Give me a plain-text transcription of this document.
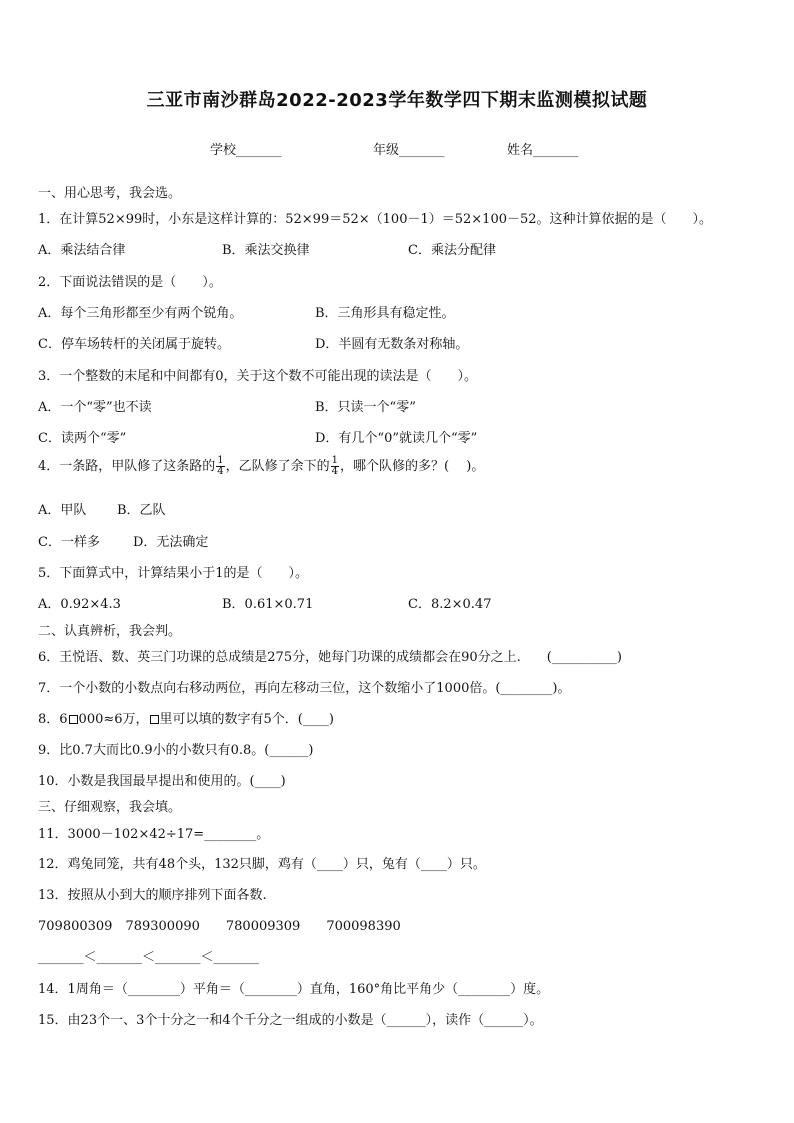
三亚市南沙群岛2022-2023学年数学四下期末监测模拟试题
学校_______	年级_______	姓名_______
一、用心思考，我会选。
1．在计算52×99时，小东是这样计算的：52×99＝52×（100－1）＝52×100－52。这种计算依据的是（　　）。
A．乘法结合律	B．乘法交换律	C．乘法分配律
2．下面说法错误的是（　　）。
A．每个三角形都至少有两个锐角。	B．三角形具有稳定性。
C．停车场转杆的关闭属于旋转。	D．半圆有无数条对称轴。
3．一个整数的末尾和中间都有0，关于这个数不可能出现的读法是（　　）。
A．一个“零”也不读	B．只读一个“零”
C．读两个“零”	D．有几个“0”就读几个“零”
4．一条路，甲队修了这条路的 $\frac{1}{4}$ ，乙队修了余下的 $\frac{1}{4}$ ，哪个队修的多？(　 )。
A．甲队 B．乙队
C．一样多	D．无法确定
5．下面算式中，计算结果小于1的是（　　）。
A．0.92×4.3	B．0.61×0.71	C．8.2×0.47
二、认真辨析，我会判。
6．王悦语、数、英三门功课的总成绩是275分，她每门功课的成绩都会在90分之上.　　(__________)
7．一个小数的小数点向右移动两位，再向左移动三位，这个数缩小了1000倍。(________)。
8．6 000≈6万， 里可以填的数字有5个．(____)
9．比0.7大而比0.9小的小数只有0.8。(______)
10．小数是我国最早提出和使用的。(____)
三、仔细观察，我会填。
11．3000－102×42÷17=________。
12．鸡兔同笼，共有48个头，132只脚，鸡有（____）只，兔有（____）只。
13．按照从小到大的顺序排列下面各数.
709800309　789300090　　780009309　　700098390
_______＜_______＜_______＜_______
14．1周角＝（________）平角＝（________）直角，160°角比平角少（________）度。
15．由23个一、3个十分之一和4个千分之一组成的小数是（______），读作（______）。
